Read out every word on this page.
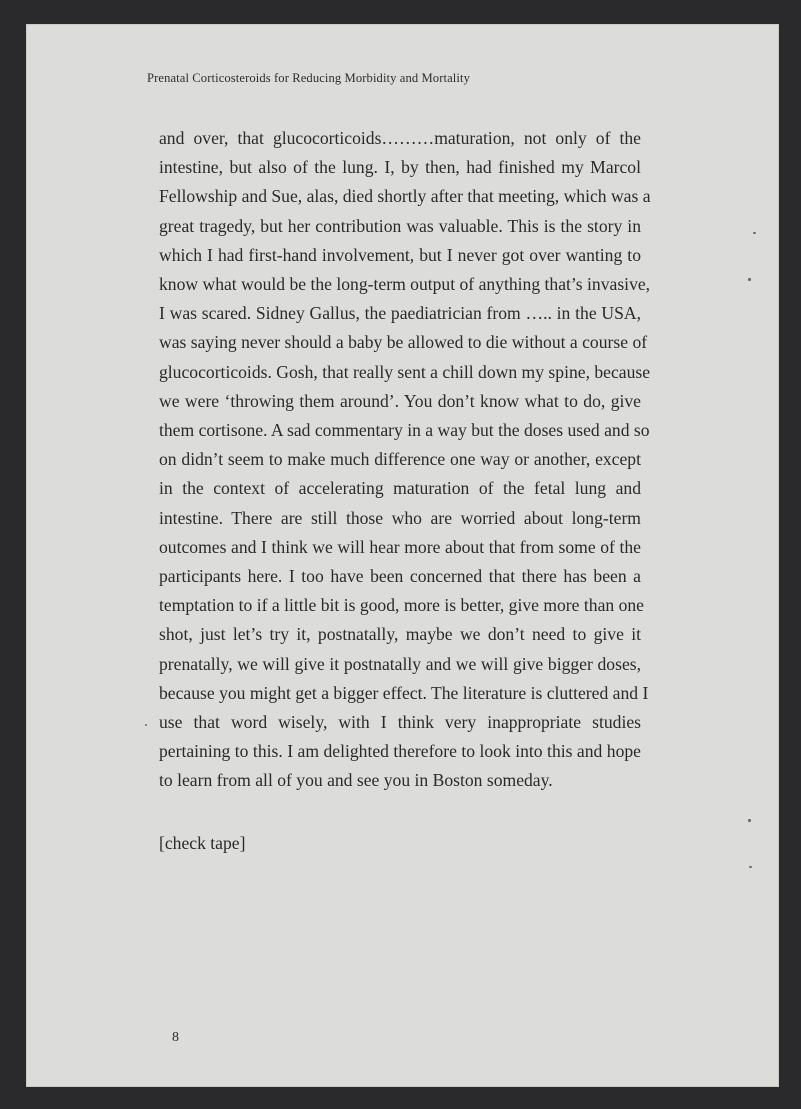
Prenatal Corticosteroids for Reducing Morbidity and Mortality

and over, that glucocorticoids………maturation, not only of the
intestine, but also of the lung. I, by then, had finished my Marcol
Fellowship and Sue, alas, died shortly after that meeting, which was a
great tragedy, but her contribution was valuable. This is the story in
which I had first-hand involvement, but I never got over wanting to
know what would be the long-term output of anything that’s invasive,
I was scared. Sidney Gallus, the paediatrician from ….. in the USA,
was saying never should a baby be allowed to die without a course of
glucocorticoids. Gosh, that really sent a chill down my spine, because
we were ‘throwing them around’. You don’t know what to do, give
them cortisone. A sad commentary in a way but the doses used and so
on didn’t seem to make much difference one way or another, except
in the context of accelerating maturation of the fetal lung and
intestine. There are still those who are worried about long-term
outcomes and I think we will hear more about that from some of the
participants here. I too have been concerned that there has been a
temptation to if a little bit is good, more is better, give more than one
shot, just let’s try it, postnatally, maybe we don’t need to give it
prenatally, we will give it postnatally and we will give bigger doses,
because you might get a bigger effect. The literature is cluttered and I
use that word wisely, with I think very inappropriate studies
pertaining to this. I am delighted therefore to look into this and hope
to learn from all of you and see you in Boston someday.

[check tape]
8
